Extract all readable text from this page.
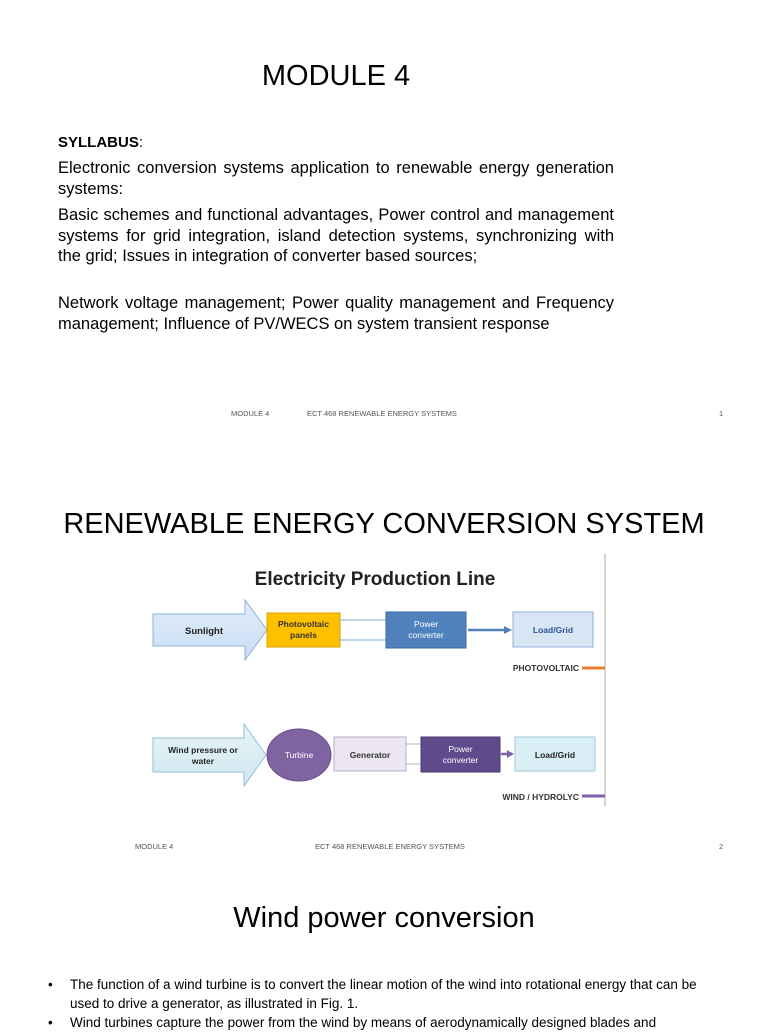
MODULE 4
SYLLABUS:
Electronic conversion systems application to renewable energy generation systems:
Basic schemes and functional advantages, Power control and management systems for grid integration, island detection systems, synchronizing with the grid; Issues in integration of converter based sources;
Network voltage management; Power quality management and Frequency management; Influence of PV/WECS on system transient response
MODULE 4	ECT 468 RENEWABLE ENERGY SYSTEMS	1
RENEWABLE ENERGY CONVERSION SYSTEM
Electricity Production Line
Sunlight
Photovoltaic
panels
Power
converter	Load/Grid
PHOTOVOLTAIC
Wind pressure or
water
Turbine	Generator
Power
converter	Load/Grid
WIND / HYDROLYC
MODULE 4	ECT 468 RENEWABLE ENERGY SYSTEMS	2
Wind power conversion
• The function of a wind turbine is to convert the linear motion of the wind into rotational energy that can be used to drive a generator, as illustrated in Fig. 1.
• Wind turbines capture the power from the wind by means of aerodynamically designed blades and
